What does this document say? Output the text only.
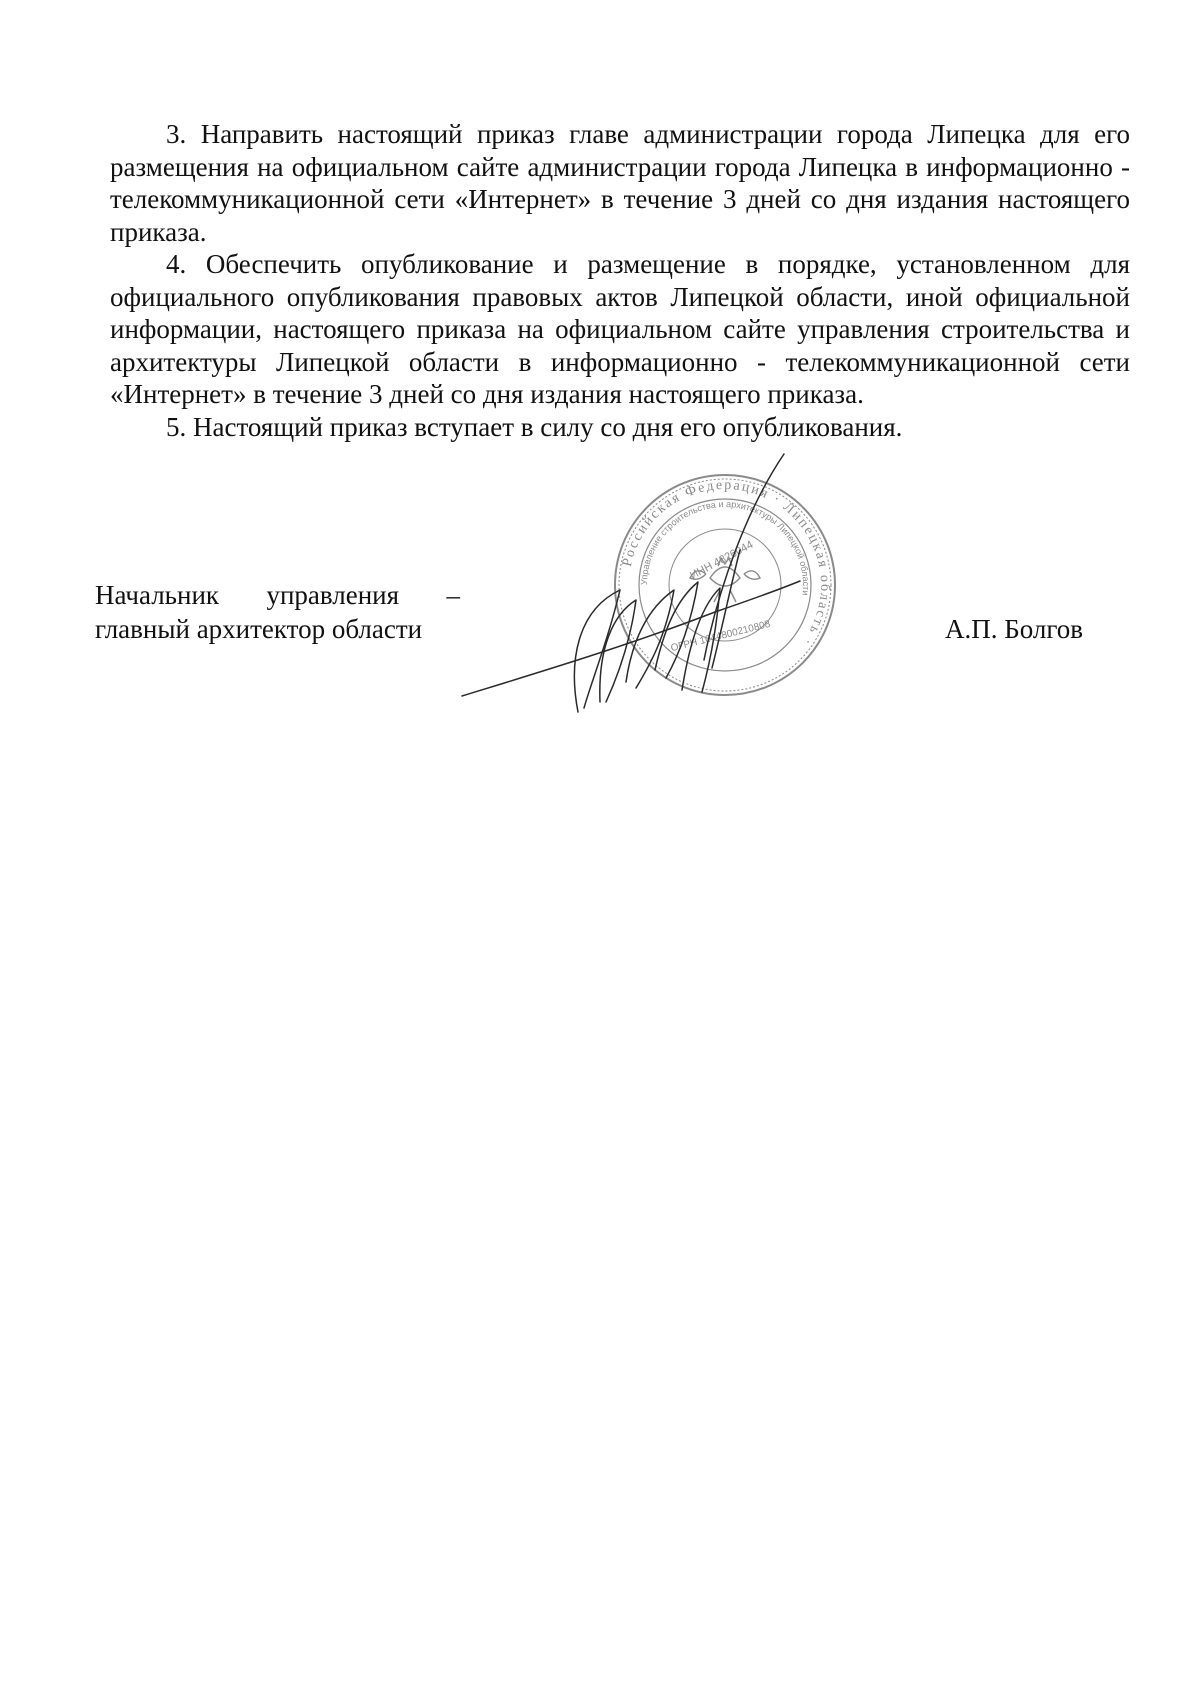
3. Направить настоящий приказ главе администрации города Липецка для его размещения на официальном сайте администрации города Липецка в информационно - телекоммуникационной сети «Интернет» в течение 3 дней со дня издания настоящего приказа.

4. Обеспечить опубликование и размещение в порядке, установленном для официального опубликования правовых актов Липецкой области, иной официальной информации, настоящего приказа на официальном сайте управления строительства и архитектуры Липецкой области в информационно - телекоммуникационной сети «Интернет» в течение 3 дней со дня издания настоящего приказа.

5. Настоящий приказ вступает в силу со дня его опубликования.

Российская Федерация · Липецкая область ·
Управление строительства и архитектуры Липецкой области
ИНН 4826044
ОГРН 1044800210808
Начальник управления –
главный архитектор области	А.П. Болгов
